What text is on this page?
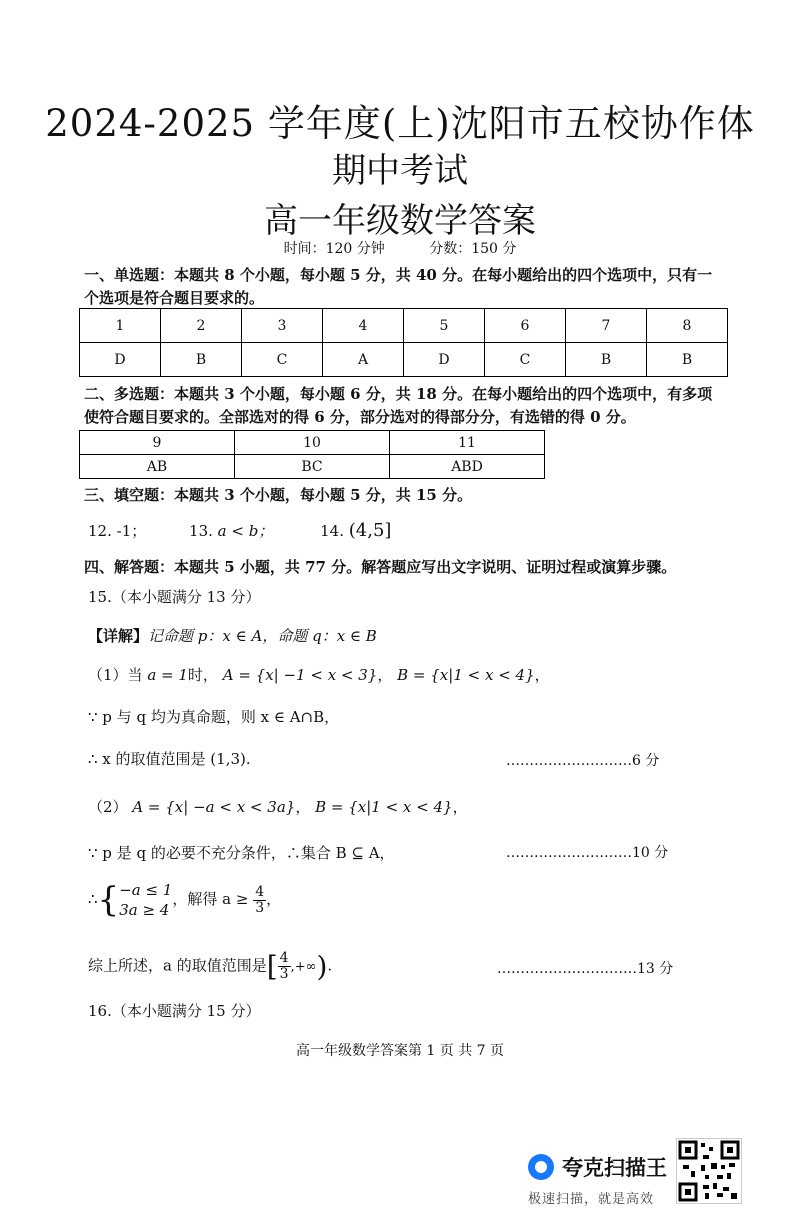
2024-2025 学年度(上)沈阳市五校协作体
期中考试
高一年级数学答案
时间：120 分钟	分数：150 分
一、单选题：本题共 8 个小题，每小题 5 分，共 40 分。在每小题给出的四个选项中，只有一个选项是符合题目要求的。
1	2	3	4	5	6	7	8
D	B	C	A	D	C	B	B
二、多选题：本题共 3 个小题，每小题 6 分，共 18 分。在每小题给出的四个选项中，有多项使符合题目要求的。全部选对的得 6 分，部分选对的得部分分，有选错的得 0 分。
9	10	11
AB	BC	ABD
三、填空题：本题共 3 个小题，每小题 5 分，共 15 分。
12. -1；	13. a < b；	14. (4,5]
四、解答题：本题共 5 小题，共 77 分。解答题应写出文字说明、证明过程或演算步骤。
15.（本小题满分 13 分）
【详解】记命题 p：x ∈ A，命题 q：x ∈ B
（1）当 a = 1时， A = {x| −1 < x < 3}， B = {x|1 < x < 4}，
∵ p 与 q 均为真命题，则 x ∈ A∩B，
∴ x 的取值范围是 (1,3).	………………………6 分
（2） A = {x| −a < x < 3a}， B = {x|1 < x < 4}，
∵ p 是 q 的必要不充分条件，∴集合 B ⊆ A，	………………………10 分
∴{ −a ≤ 1
3a ≥ 4
，解得 $a \ge \frac{4}{3}$ ，
综上所述，a 的取值范围是[ $\frac{4}{3}$ ,+∞).	…………………………13 分
16.（本小题满分 15 分）
高一年级数学答案第 1 页 共 7 页
夸克扫描王
极速扫描，就是高效
